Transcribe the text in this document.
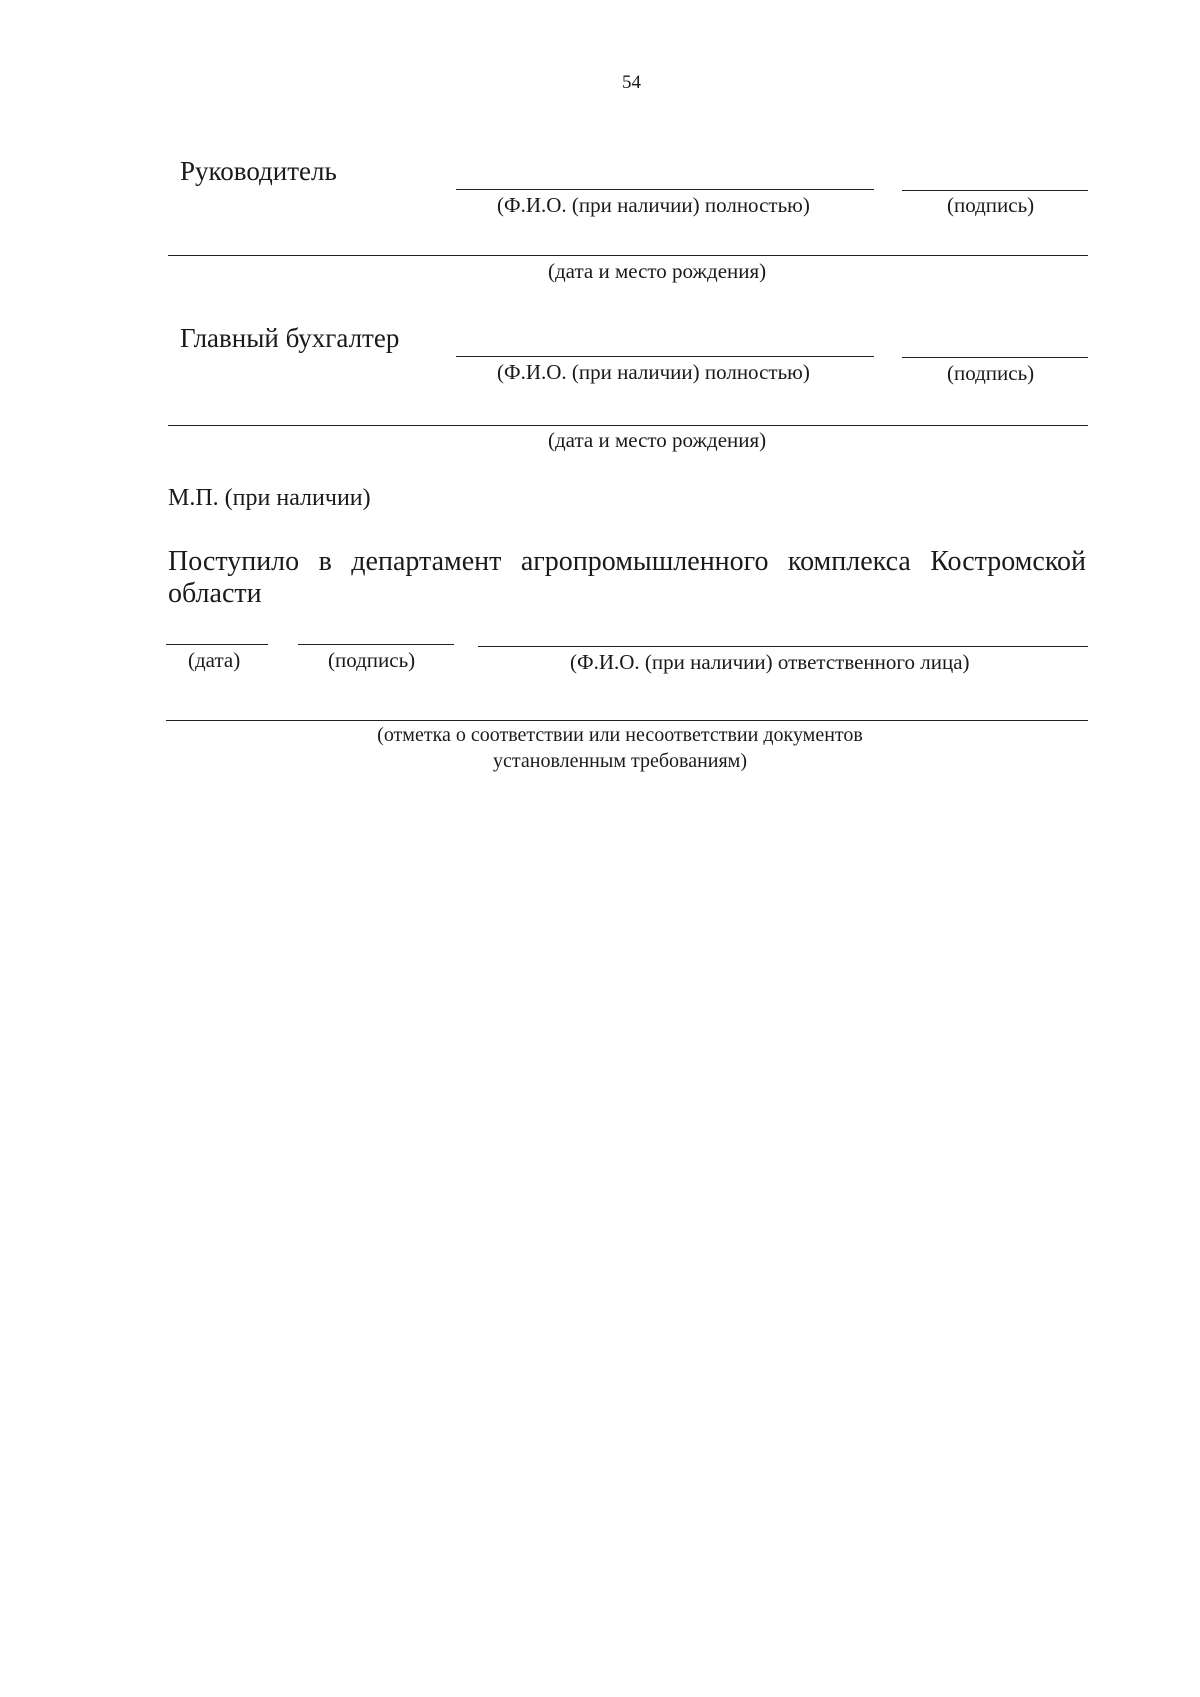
54
Руководитель
(Ф.И.О. (при наличии) полностью)	(подпись)
(дата и место рождения)
Главный бухгалтер
(Ф.И.О. (при наличии) полностью)	(подпись)
(дата и место рождения)
М.П. (при наличии)
Поступило в департамент агропромышленного комплекса Костромской области
(дата)	(подпись)	(Ф.И.О. (при наличии) ответственного лица)
(отметка о соответствии или несоответствии документов
установленным требованиям)
